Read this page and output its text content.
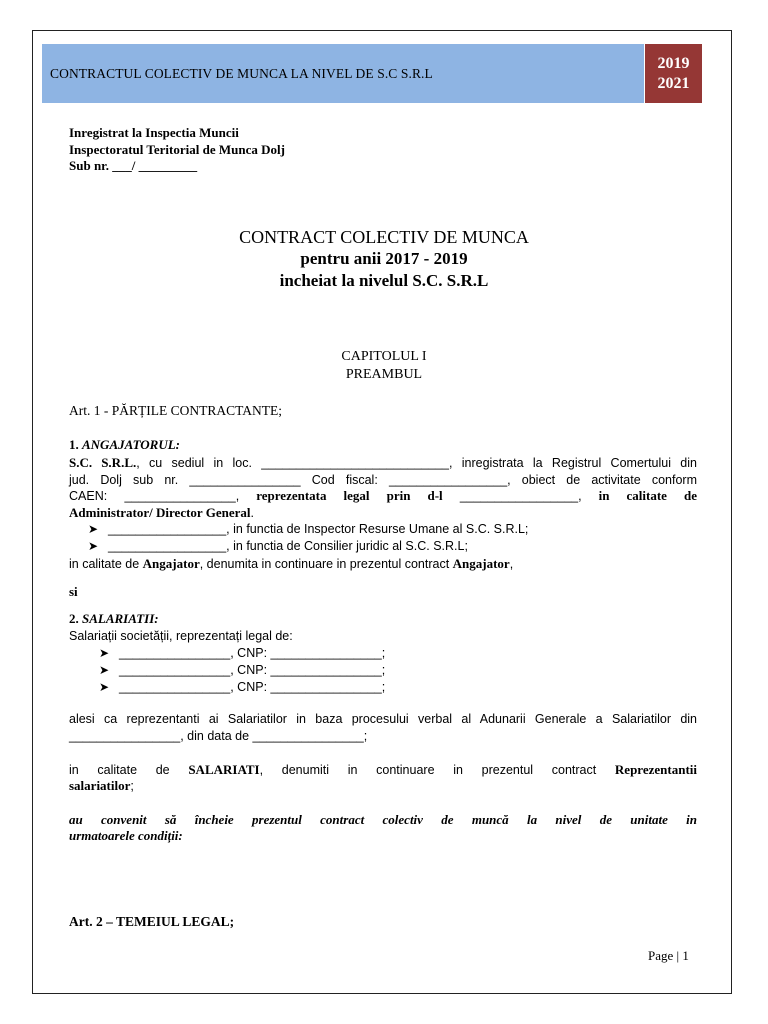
CONTRACTUL COLECTIV DE MUNCA LA NIVEL DE S.C S.R.L
2019
2021
Inregistrat la Inspectia Muncii
Inspectoratul Teritorial de Munca Dolj
Sub nr. ___/ _________
CONTRACT COLECTIV DE MUNCA
pentru anii 2017 - 2019
incheiat la nivelul S.C. S.R.L
CAPITOLUL I
PREAMBUL
Art. 1 - PĂRȚILE CONTRACTANTE;
1. ANGAJATORUL:
S.C. S.R.L., cu sediul in loc. ___________________________, inregistrata la Registrul Comertului din
jud. Dolj sub nr. ________________ Cod fiscal: _________________, obiect de activitate conform
CAEN: ________________, reprezentata legal prin d-l _________________, in calitate de
Administrator/ Director General.
➤ _________________, in functia de Inspector Resurse Umane al S.C. S.R.L;
➤ _________________, in functia de Consilier juridic al S.C. S.R.L;
in calitate de Angajator, denumita in continuare in prezentul contract Angajator,
si
2. SALARIATII:
Salariații societății, reprezentați legal de:
➤ ________________, CNP: ________________;
➤ ________________, CNP: ________________;
➤ ________________, CNP: ________________;
alesi ca reprezentanti ai Salariatilor in baza procesului verbal al Adunarii Generale a Salariatilor din
________________, din data de ________________;
in calitate de SALARIATI, denumiti in continuare in prezentul contract Reprezentantii
salariatilor;
au convenit să încheie prezentul contract colectiv de muncă la nivel de unitate in
urmatoarele condiții:
Art. 2 – TEMEIUL LEGAL;
Page | 1
